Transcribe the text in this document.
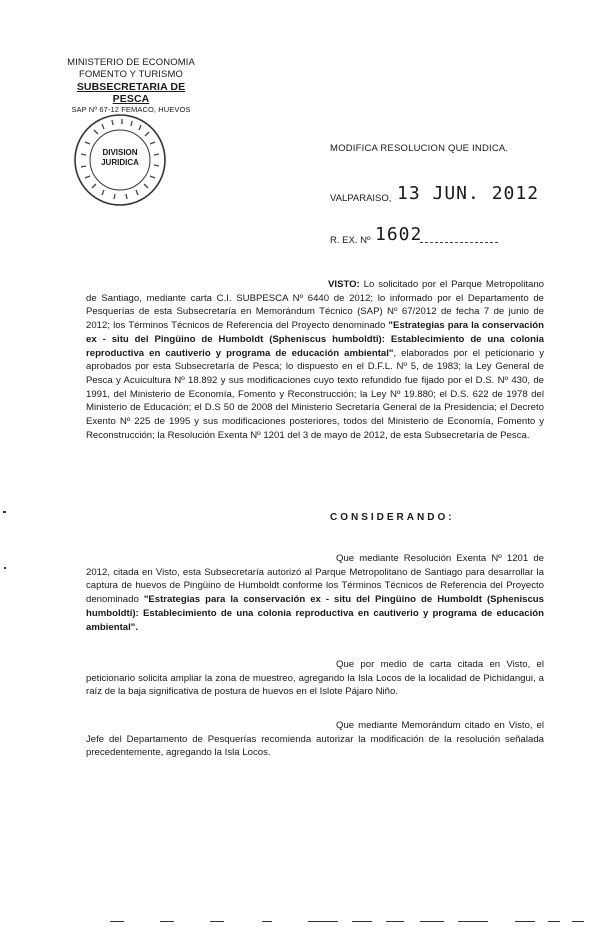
MINISTERIO DE ECONOMIA
FOMENTO Y TURISMO
SUBSECRETARIA DE PESCA
SAP Nº 67-12 FEMACO, HUEVOS
DIVISION
JURIDICA
MODIFICA RESOLUCION QUE INDICA.
VALPARAISO, 13 JUN. 2012
R. EX. Nº 1602
VISTO: Lo solicitado por el Parque Metropolitano de Santiago, mediante carta C.I. SUBPESCA Nº 6440 de 2012; lo informado por el Departamento de Pesquerías de esta Subsecretaría en Memorándum Técnico (SAP) Nº 67/2012 de fecha 7 de junio de 2012; los Términos Técnicos de Referencia del Proyecto denominado "Estrategias para la conservación ex - situ del Pingüino de Humboldt (Spheniscus humboldti): Establecimiento de una colonia reproductiva en cautiverio y programa de educación ambiental", elaborados por el peticionario y aprobados por esta Subsecretaría de Pesca; lo dispuesto en el D.F.L. Nº 5, de 1983; la Ley General de Pesca y Acuicultura Nº 18.892 y sus modificaciones cuyo texto refundido fue fijado por el D.S. Nº 430, de 1991, del Ministerio de Economía, Fomento y Reconstrucción; la Ley Nº 19.880; el D.S. 622 de 1978 del Ministerio de Educación; el D.S 50 de 2008 del Ministerio Secretaría General de la Presidencia; el Decreto Exento Nº 225 de 1995 y sus modificaciones posteriores, todos del Ministerio de Economía, Fomento y Reconstrucción; la Resolución Exenta Nº 1201 del 3 de mayo de 2012, de esta Subsecretaría de Pesca.
CONSIDERANDO:
Que mediante Resolución Exenta Nº 1201 de 2012, citada en Visto, esta Subsecretaría autorizó al Parque Metropolitano de Santiago para desarrollar la captura de huevos de Pingüino de Humboldt conforme los Términos Técnicos de Referencia del Proyecto denominado "Estrategias para la conservación ex - situ del Pingüino de Humboldt (Spheniscus humboldti): Establecimiento de una colonia reproductiva en cautiverio y programa de educación ambiental".
Que por medio de carta citada en Visto, el peticionario solicita ampliar la zona de muestreo, agregando la Isla Locos de la localidad de Pichidangui, a raíz de la baja significativa de postura de huevos en el Islote Pájaro Niño.
Que mediante Memorándum citado en Visto, el Jefe del Departamento de Pesquerías recomienda autorizar la modificación de la resolución señalada precedentemente, agregando la Isla Locos.
